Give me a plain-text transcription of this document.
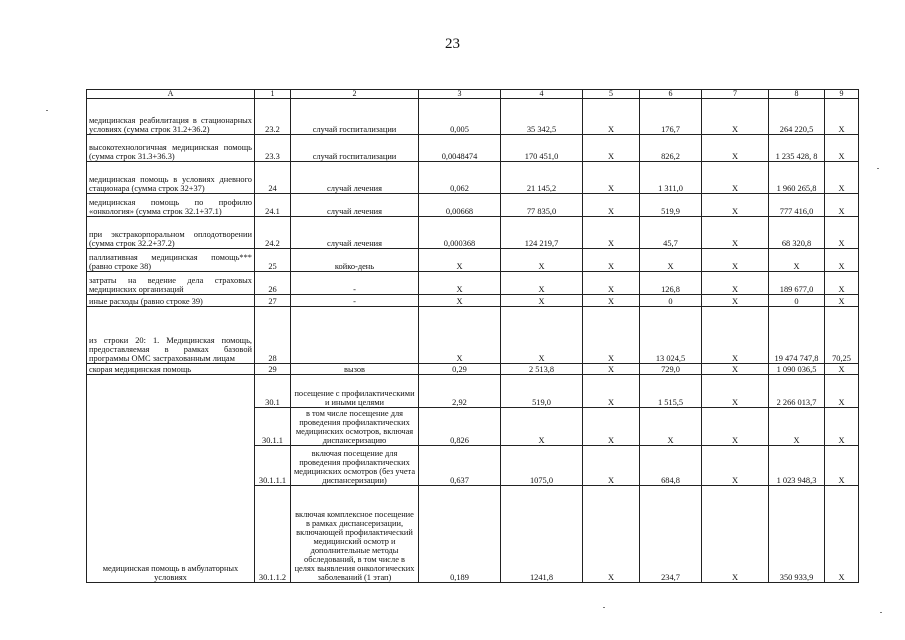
23
А	1	2	3	4	5	6	7	8	9
медицинская реабилитация в стационарных условиях (сумма строк 31.2+36.2)	23.2	случай госпитализации	0,005	35 342,5	Х	176,7	Х	264 220,5	Х
высокотехнологичная медицинская помощь (сумма строк 31.3+36.3)	23.3	случай госпитализации	0,0048474	170 451,0	Х	826,2	Х	1 235 428, 8	Х
медицинская помощь в условиях дневного стационара (сумма строк 32+37)	24	случай лечения	0,062	21 145,2	Х	1 311,0	Х	1 960 265,8	Х
медицинская помощь по профилю «онкология» (сумма строк 32.1+37.1)	24.1	случай лечения	0,00668	77 835,0	Х	519,9	Х	777 416,0	Х
при экстракорпоральном оплодотворении (сумма строк 32.2+37.2)	24.2	случай лечения	0,000368	124 219,7	Х	45,7	Х	68 320,8	Х
паллиативная медицинская помощь*** (равно строке 38)	25	койко-день	Х	Х	Х	Х	Х	Х	Х
затраты на ведение дела страховых медицинских организаций	26	-	Х	Х	Х	126,8	Х	189 677,0	Х
иные расходы (равно строке 39)	27	-	Х	Х	Х	0	Х	0	Х
из строки 20: 1. Медицинская помощь, предоставляемая в рамках базовой программы ОМС застрахованным лицам	28		Х	Х	Х	13 024,5	Х	19 474 747,8	70,25
скорая медицинская помощь	29	вызов	0,29	2 513,8	Х	729,0	Х	1 090 036,5	Х
медицинская помощь в амбулаторных условиях	30.1	посещение с профилактическими и иными целями	2,92	519,0	Х	1 515,5	Х	2 266 013,7	Х
	30.1.1	в том числе посещение для проведения профилактических медицинских осмотров, включая диспансеризацию	0,826	Х	Х	Х	Х	Х	Х
	30.1.1.1	включая посещение для проведения профилактических медицинских осмотров (без учета диспансеризации)	0,637	1075,0	Х	684,8	Х	1 023 948,3	Х
	30.1.1.2	включая комплексное посещение в рамках диспансеризации, включающей профилактический медицинский осмотр и дополнительные методы обследований, в том числе в целях выявления онкологических заболеваний (1 этап)	0,189	1241,8	Х	234,7	Х	350 933,9	Х
